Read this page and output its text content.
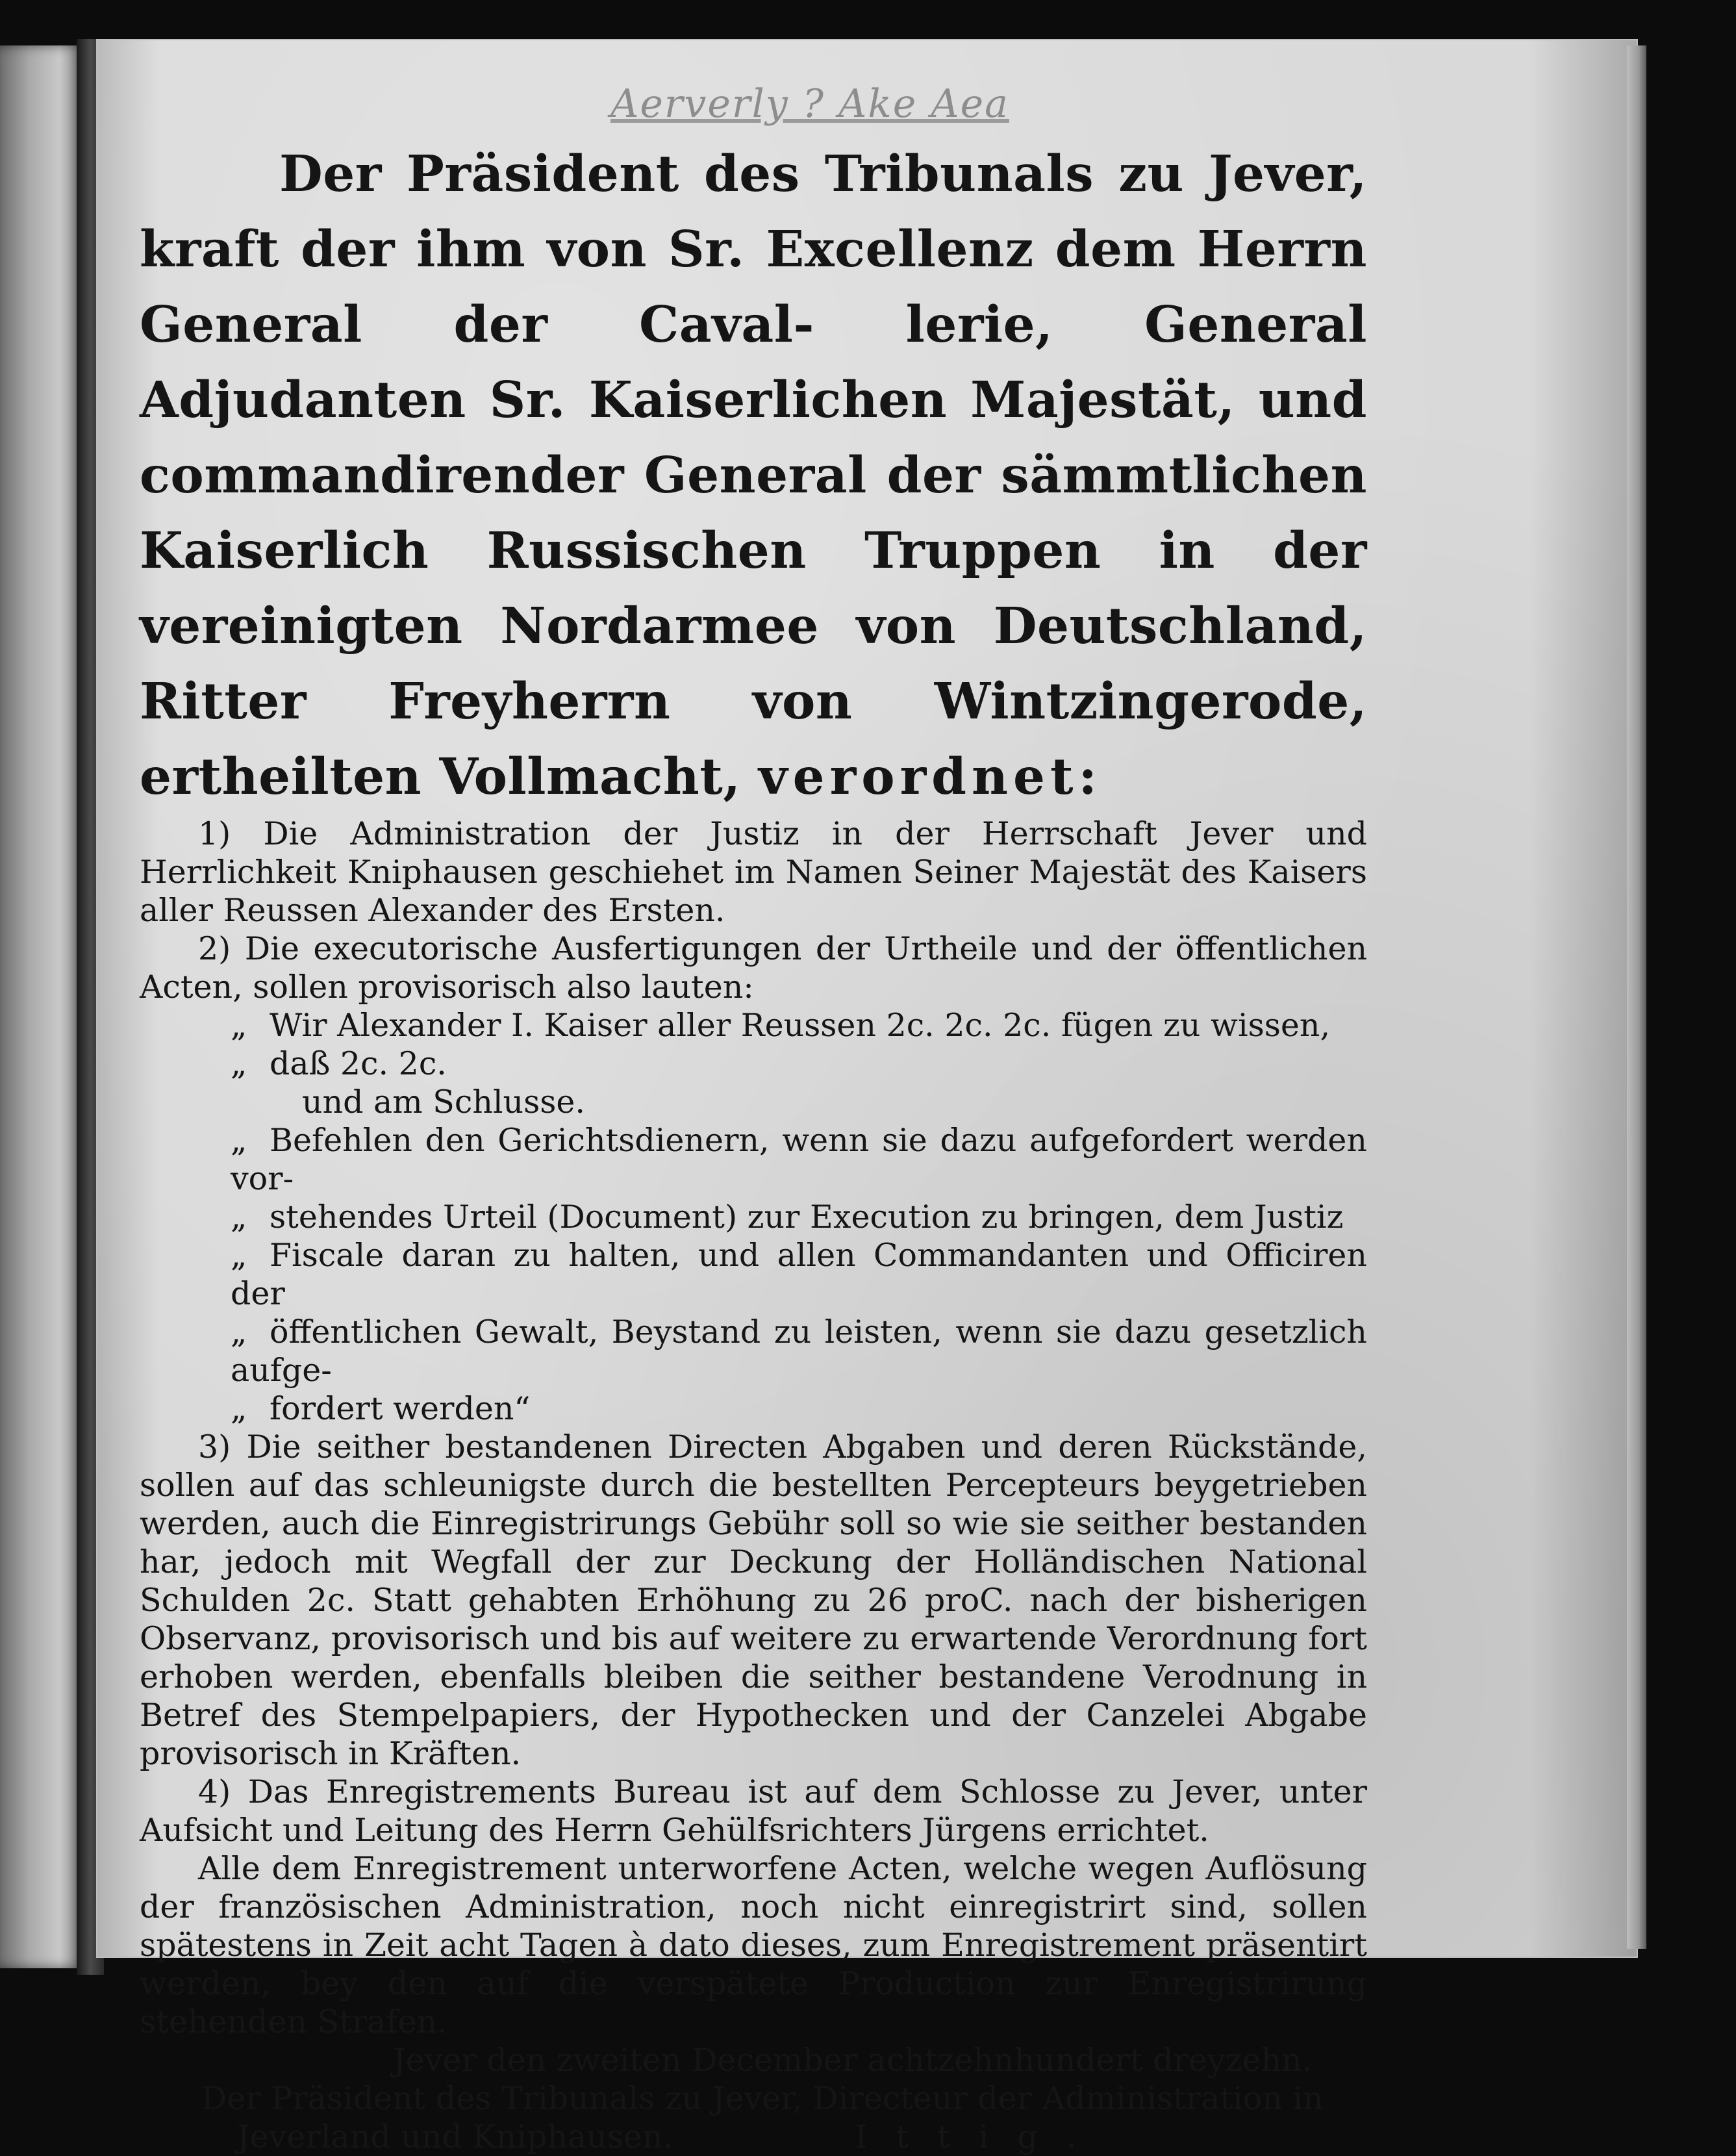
Aerverly ? Ake Aea

Der Präsident des Tribunals zu Jever, kraft der ihm von Sr. Excellenz dem Herrn General der Caval- lerie, General Adjudanten Sr. Kaiserlichen Majestät, und commandirender General der sämmtlichen Kaiserlich Russischen Truppen in der vereinigten Nordarmee von Deutschland, Ritter Freyherrn von Wintzingerode, ertheilten Vollmacht, verordnet:

1) Die Administration der Justiz in der Herrschaft Jever und Herrlichkeit Kniphausen geschiehet im Namen Seiner Majestät des Kaisers aller Reussen Alexander des Ersten.

2) Die executorische Ausfertigungen der Urtheile und der öffentlichen Acten, sollen provisorisch also lauten:

„ Wir Alexander I. Kaiser aller Reussen 2c. 2c. 2c. fügen zu wissen,

„ daß 2c. 2c.

und am Schlusse.

„ Befehlen den Gerichtsdienern, wenn sie dazu aufgefordert werden vor-

„ stehendes Urteil (Document) zur Execution zu bringen, dem Justiz

„ Fiscale daran zu halten, und allen Commandanten und Officiren der

„ öffentlichen Gewalt, Beystand zu leisten, wenn sie dazu gesetzlich aufge-

„ fordert werden“

3) Die seither bestandenen Directen Abgaben und deren Rückstände, sollen auf das schleunigste durch die bestellten Percepteurs beygetrieben werden, auch die Einregistrirungs Gebühr soll so wie sie seither bestanden har, jedoch mit Wegfall der zur Deckung der Holländischen National Schulden 2c. Statt gehabten Erhöhung zu 26 proC. nach der bisherigen Observanz, provisorisch und bis auf weitere zu erwartende Verordnung fort erhoben werden, ebenfalls bleiben die seither bestandene Verodnung in Betref des Stempelpapiers, der Hypothecken und der Canzelei Abgabe provisorisch in Kräften.

4) Das Enregistrements Bureau ist auf dem Schlosse zu Jever, unter Aufsicht und Leitung des Herrn Gehülfsrichters Jürgens errichtet.

Alle dem Enregistrement unterworfene Acten, welche wegen Auflösung der französischen Administration, noch nicht einregistrirt sind, sollen spätestens in Zeit acht Tagen à dato dieses, zum Enregistrement präsentirt werden, bey den auf die verspätete Production zur Enregistrirung stehenden Strafen.

Jever den zweiten December achtzehnhundert dreyzehn.

Der Präsident des Tribunals zu Jever, Directeur der Administration in

Jeverland und Kniphausen.	Ittig.
